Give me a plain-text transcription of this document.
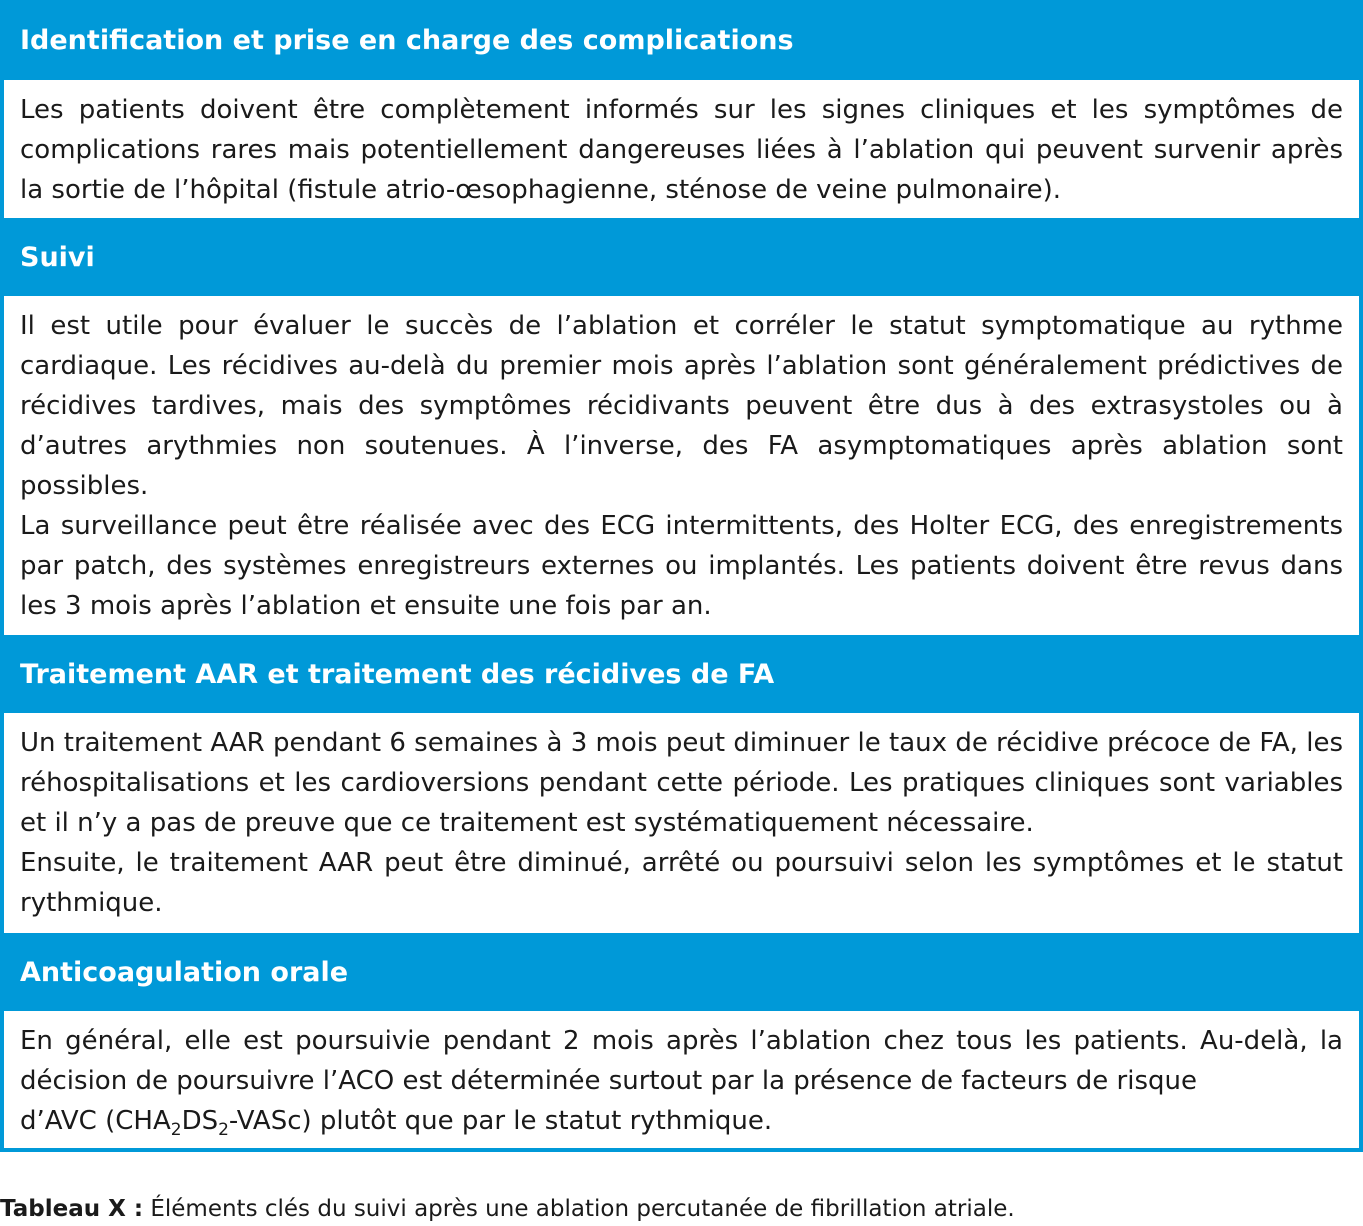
Identification et prise en charge des complications

Les patients doivent être complètement informés sur les signes cliniques et les symptômes de complications rares mais potentiellement dangereuses liées à l’ablation qui peuvent survenir après la sortie de l’hôpital (fistule atrio-œsophagienne, sténose de veine pulmonaire).

Suivi

Il est utile pour évaluer le succès de l’ablation et corréler le statut symptomatique au rythme cardiaque. Les récidives au-delà du premier mois après l’ablation sont généralement prédictives de récidives tardives, mais des symptômes récidivants peuvent être dus à des extrasystoles ou à d’autres arythmies non soutenues. À l’inverse, des FA asymptomatiques après ablation sont possibles.

La surveillance peut être réalisée avec des ECG intermittents, des Holter ECG, des enregistrements par patch, des systèmes enregistreurs externes ou implantés. Les patients doivent être revus dans les 3 mois après l’ablation et ensuite une fois par an.

Traitement AAR et traitement des récidives de FA

Un traitement AAR pendant 6 semaines à 3 mois peut diminuer le taux de récidive précoce de FA, les réhospitalisations et les cardioversions pendant cette période. Les pratiques cliniques sont variables et il n’y a pas de preuve que ce traitement est systématiquement nécessaire.

Ensuite, le traitement AAR peut être diminué, arrêté ou poursuivi selon les symptômes et le statut rythmique.

Anticoagulation orale

En général, elle est poursuivie pendant 2 mois après l’ablation chez tous les patients. Au-delà, la décision de poursuivre l’ACO est déterminée surtout par la présence de facteurs de risque

d’AVC $(CHA_2DS_2-VASc)$ plutôt que par le statut rythmique.

Tableau X : Éléments clés du suivi après une ablation percutanée de fibrillation atriale.
